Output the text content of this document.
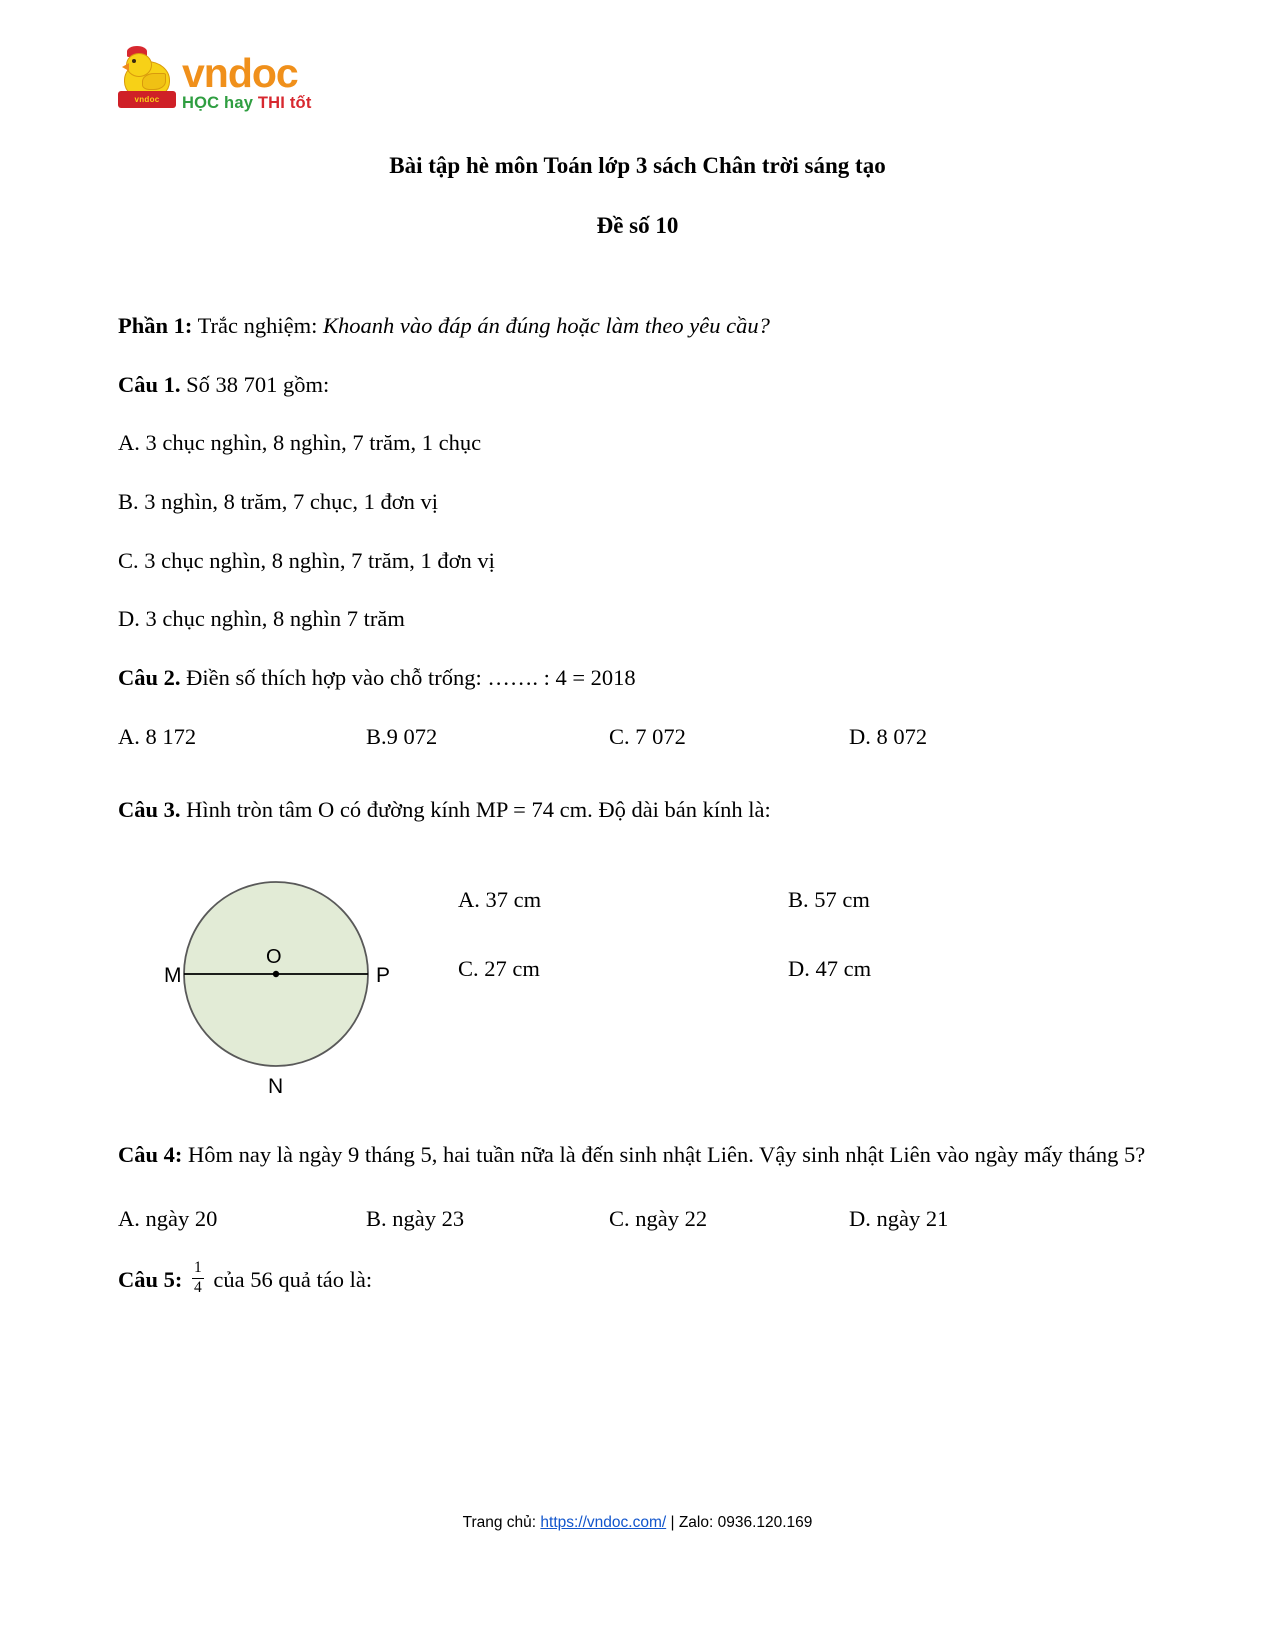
vndoc
vndoc
HỌC hay THI tốt
Bài tập hè môn Toán lớp 3 sách Chân trời sáng tạo
Đề số 10

Phần 1: Trắc nghiệm: Khoanh vào đáp án đúng hoặc làm theo yêu cầu?

Câu 1. Số 38 701 gồm:

A. 3 chục nghìn, 8 nghìn, 7 trăm, 1 chục

B. 3 nghìn, 8 trăm, 7 chục, 1 đơn vị

C. 3 chục nghìn, 8 nghìn, 7 trăm, 1 đơn vị

D. 3 chục nghìn, 8 nghìn 7 trăm

Câu 2. Điền số thích hợp vào chỗ trống: ……. : 4 = 2018

A. 8 172	B.9 072	C. 7 072	D. 8 072

Câu 3. Hình tròn tâm O có đường kính MP = 74 cm. Độ dài bán kính là:

M	P
O
N
A. 37 cm	B. 57 cm
C. 27 cm	D. 47 cm

Câu 4: Hôm nay là ngày 9 tháng 5, hai tuần nữa là đến sinh nhật Liên. Vậy sinh nhật Liên vào ngày mấy tháng 5?

A. ngày 20	B. ngày 23	C. ngày 22	D. ngày 21

Câu 5: $\frac{1}{4}$ của 56 quả táo là:

Trang chủ: https://vndoc.com/ | Zalo: 0936.120.169
